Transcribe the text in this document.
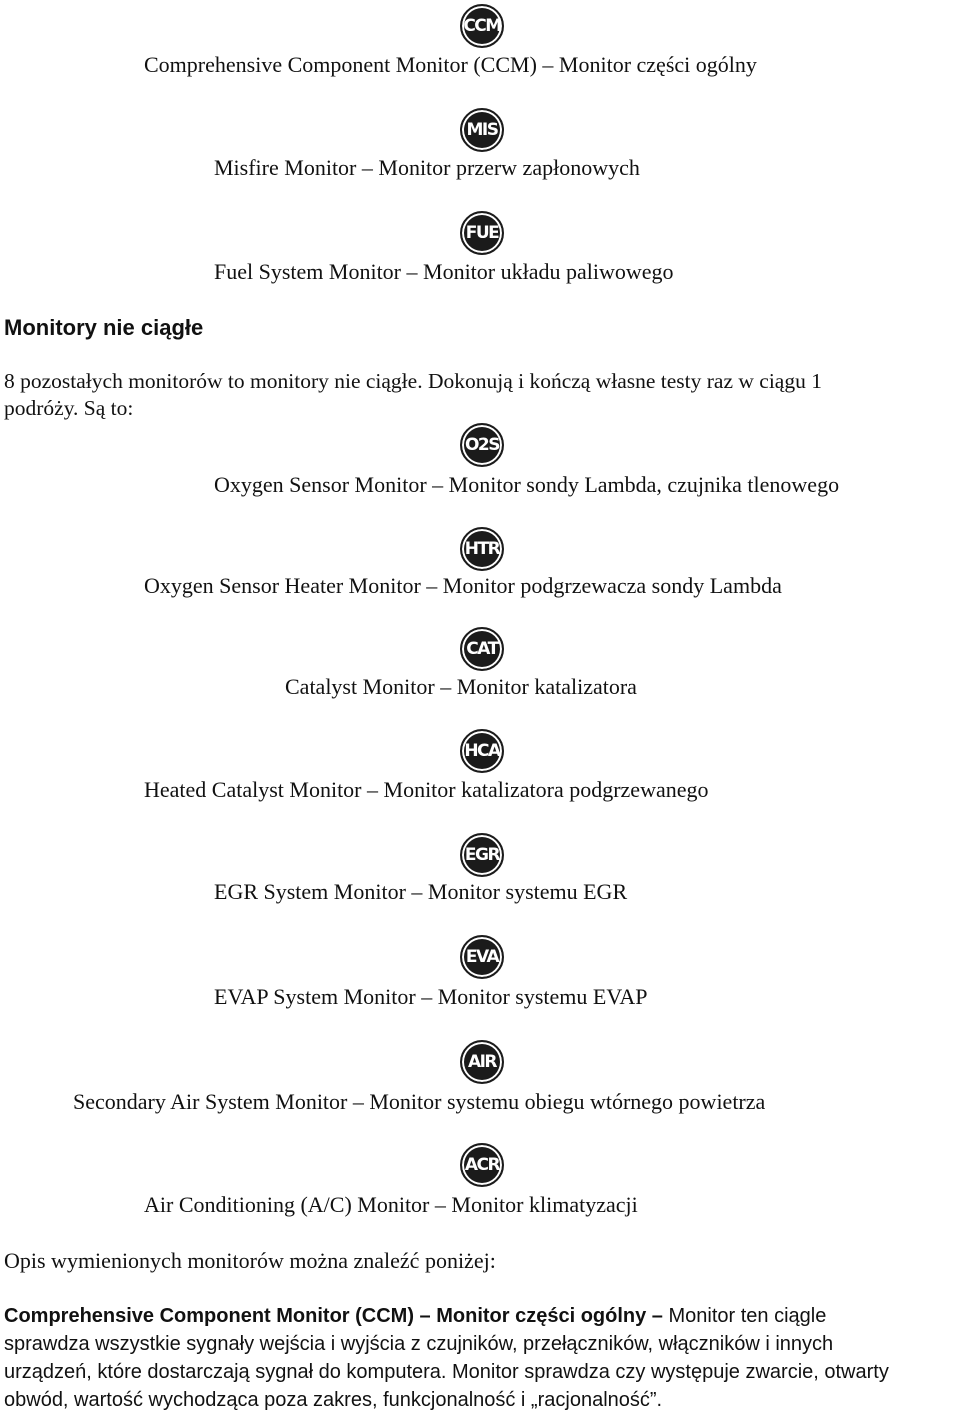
CCM
Comprehensive Component Monitor (CCM) – Monitor części ogólny
MIS
Misfire Monitor – Monitor przerw zapłonowych
FUE
Fuel System Monitor – Monitor układu paliwowego
Monitory nie ciągłe
8 pozostałych monitorów to monitory nie ciągłe. Dokonują i kończą własne testy raz w ciągu 1
podróży. Są to:
O2S
Oxygen Sensor Monitor – Monitor sondy Lambda, czujnika tlenowego
HTR
Oxygen Sensor Heater Monitor – Monitor podgrzewacza sondy Lambda
CAT
Catalyst Monitor – Monitor katalizatora
HCA
Heated Catalyst Monitor – Monitor katalizatora podgrzewanego
EGR
EGR System Monitor – Monitor systemu EGR
EVA
EVAP System Monitor – Monitor systemu EVAP
AIR
Secondary Air System Monitor – Monitor systemu obiegu wtórnego powietrza
ACR
Air Conditioning (A/C) Monitor – Monitor klimatyzacji
Opis wymienionych monitorów można znaleźć poniżej:
Comprehensive Component Monitor (CCM) – Monitor części ogólny – Monitor ten ciągle
sprawdza wszystkie sygnały wejścia i wyjścia z czujników, przełączników, włączników i innych
urządzeń, które dostarczają sygnał do komputera. Monitor sprawdza czy występuje zwarcie, otwarty
obwód, wartość wychodząca poza zakres, funkcjonalność i „racjonalność”.
